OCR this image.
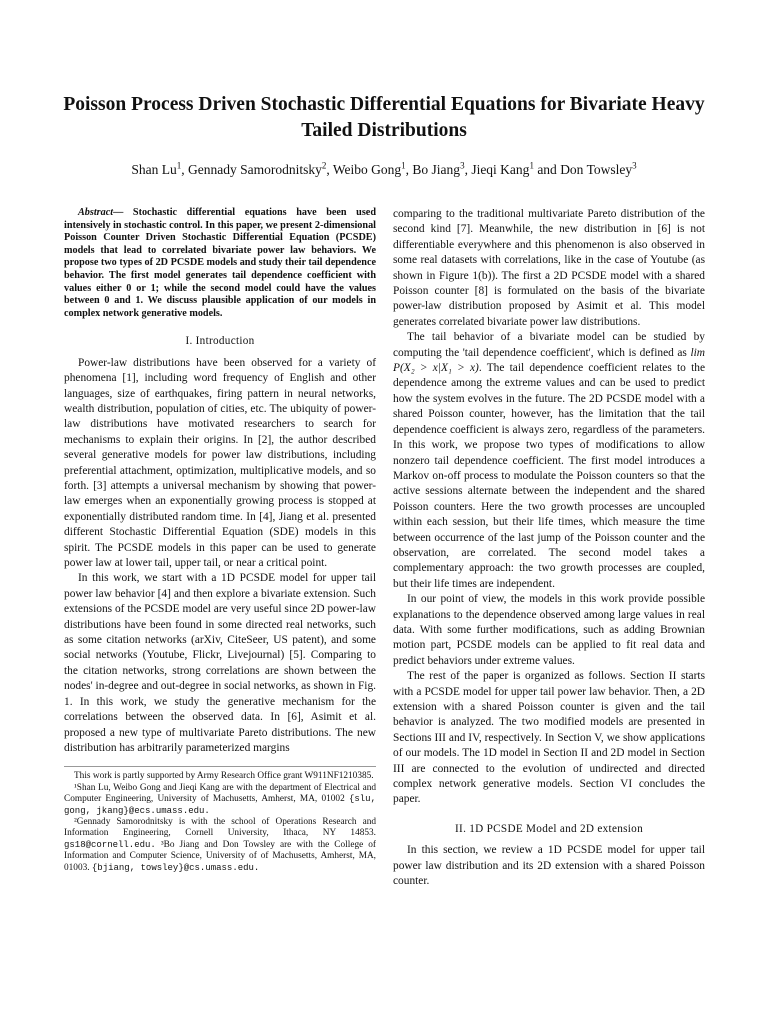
Poisson Process Driven Stochastic Differential Equations for Bivariate Heavy Tailed Distributions
Shan Lu$^1$, Gennady Samorodnitsky$^2$, Weibo Gong$^1$, Bo Jiang$^3$, Jieqi Kang$^1$ and Don Towsley$^3$

Abstract— Stochastic differential equations have been used intensively in stochastic control. In this paper, we present 2-dimensional Poisson Counter Driven Stochastic Differential Equation (PCSDE) models that lead to correlated bivariate power law behaviors. We propose two types of 2D PCSDE models and study their tail dependence behavior. The first model generates tail dependence coefficient with values either 0 or 1; while the second model could have the values between 0 and 1. We discuss plausible application of our models in complex network generative models.

I. Introduction

Power-law distributions have been observed for a variety of phenomena [1], including word frequency of English and other languages, size of earthquakes, firing pattern in neural networks, wealth distribution, population of cities, etc. The ubiquity of power-law distributions have motivated researchers to search for mechanisms to explain their origins. In [2], the author described several generative models for power law distributions, including preferential attachment, optimization, multiplicative models, and so forth. [3] attempts a universal mechanism by showing that power-law emerges when an exponentially growing process is stopped at exponentially distributed random time. In [4], Jiang et al. presented different Stochastic Differential Equation (SDE) models in this spirit. The PCSDE models in this paper can be used to generate power law at lower tail, upper tail, or near a critical point.

In this work, we start with a 1D PCSDE model for upper tail power law behavior [4] and then explore a bivariate extension. Such extensions of the PCSDE model are very useful since 2D power-law distributions have been found in some directed real networks, such as some citation networks (arXiv, CiteSeer, US patent), and some social networks (Youtube, Flickr, Livejournal) [5]. Comparing to the citation networks, strong correlations are shown between the nodes' in-degree and out-degree in social networks, as shown in Fig. 1. In this work, we study the generative mechanism for the correlations between the observed data. In [6], Asimit et al. proposed a new type of multivariate Pareto distributions. The new distribution has arbitrarily parameterized margins

This work is partly supported by Army Research Office grant W911NF1210385.

¹Shan Lu, Weibo Gong and Jieqi Kang are with the department of Electrical and Computer Engineering, University of Machusetts, Amherst, MA, 01002 {slu, gong, jkang}@ecs.umass.edu.

²Gennady Samorodnitsky is with the school of Operations Research and Information Engineering, Cornell University, Ithaca, NY 14853. gs18@cornell.edu. ³Bo Jiang and Don Towsley are with the College of Information and Computer Science, University of of Machusetts, Amherst, MA, 01003. {bjiang, towsley}@cs.umass.edu.

comparing to the traditional multivariate Pareto distribution of the second kind [7]. Meanwhile, the new distribution in [6] is not differentiable everywhere and this phenomenon is also observed in some real datasets with correlations, like in the case of Youtube (as shown in Figure 1(b)). The first a 2D PCSDE model with a shared Poisson counter [8] is formulated on the basis of the bivariate power-law distribution proposed by Asimit et al. This model generates correlated bivariate power law distributions.

The tail behavior of a bivariate model can be studied by computing the 'tail dependence coefficient', which is defined as lim P(X₂ > x|X₁ > x). The tail dependence coefficient relates to the dependence among the extreme values and can be used to predict how the system evolves in the future. The 2D PCSDE model with a shared Poisson counter, however, has the limitation that the tail dependence coefficient is always zero, regardless of the parameters. In this work, we propose two types of modifications to allow nonzero tail dependence coefficient. The first model introduces a Markov on-off process to modulate the Poisson counters so that the active sessions alternate between the independent and the shared Poisson counters. Here the two growth processes are uncoupled within each session, but their life times, which measure the time between occurrence of the last jump of the Poisson counter and the observation, are correlated. The second model takes a complementary approach: the two growth processes are coupled, but their life times are independent.

In our point of view, the models in this work provide possible explanations to the dependence observed among large values in real data. With some further modifications, such as adding Brownian motion part, PCSDE models can be applied to fit real data and predict behaviors under extreme values.

The rest of the paper is organized as follows. Section II starts with a PCSDE model for upper tail power law behavior. Then, a 2D extension with a shared Poisson counter is given and the tail behavior is analyzed. The two modified models are presented in Sections III and IV, respectively. In Section V, we show applications of our models. The 1D model in Section II and 2D model in Section III are connected to the evolution of undirected and directed complex network generative models. Section VI concludes the paper.

II. 1D PCSDE Model and 2D extension

In this section, we review a 1D PCSDE model for upper tail power law distribution and its 2D extension with a shared Poisson counter.
